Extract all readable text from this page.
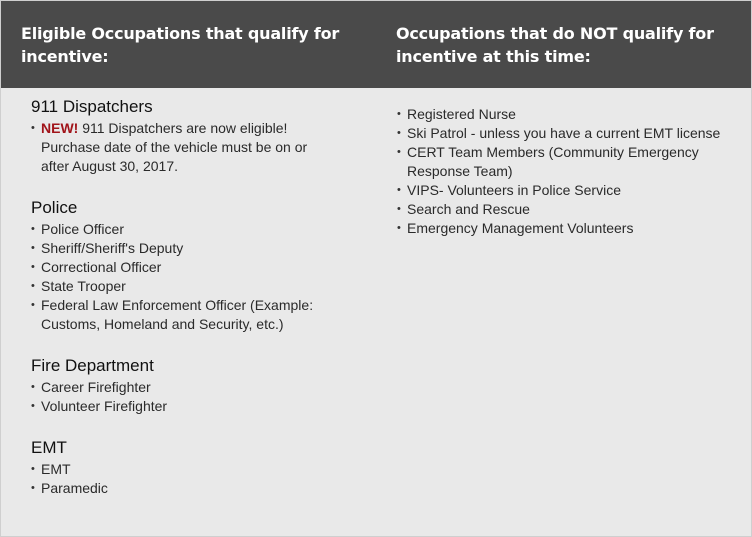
Eligible Occupations that qualify for incentive:
Occupations that do NOT qualify for incentive at this time:
911 Dispatchers
• NEW! 911 Dispatchers are now eligible! Purchase date of the vehicle must be on or after August 30, 2017.
Police
• Police Officer
• Sheriff/Sheriff's Deputy
• Correctional Officer
• State Trooper
• Federal Law Enforcement Officer (Example: Customs, Homeland and Security, etc.)
Fire Department
• Career Firefighter
• Volunteer Firefighter
EMT
• EMT
• Paramedic
• Registered Nurse
• Ski Patrol - unless you have a current EMT license
• CERT Team Members (Community Emergency Response Team)
• VIPS- Volunteers in Police Service
• Search and Rescue
• Emergency Management Volunteers
